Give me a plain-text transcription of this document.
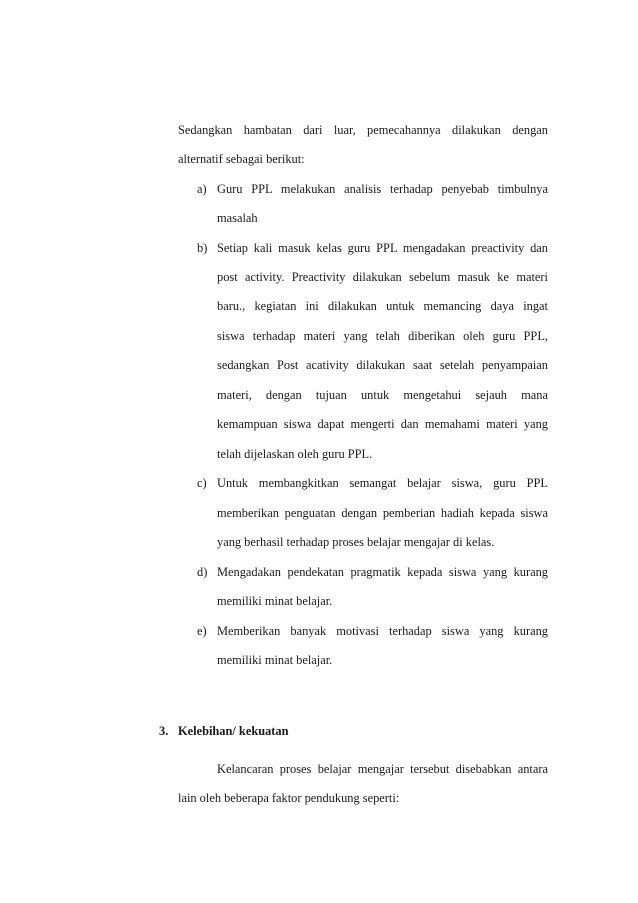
Sedangkan hambatan dari luar, pemecahannya dilakukan dengan
alternatif sebagai berikut:
a) Guru PPL melakukan analisis terhadap penyebab timbulnya
masalah
b) Setiap kali masuk kelas guru PPL mengadakan preactivity dan
post activity. Preactivity dilakukan sebelum masuk ke materi
baru., kegiatan ini dilakukan untuk memancing daya ingat
siswa terhadap materi yang telah diberikan oleh guru PPL,
sedangkan Post acativity dilakukan saat setelah penyampaian
materi, dengan tujuan untuk mengetahui sejauh mana
kemampuan siswa dapat mengerti dan memahami materi yang
telah dijelaskan oleh guru PPL.
c) Untuk membangkitkan semangat belajar siswa, guru PPL
memberikan penguatan dengan pemberian hadiah kepada siswa
yang berhasil terhadap proses belajar mengajar di kelas.
d) Mengadakan pendekatan pragmatik kepada siswa yang kurang
memiliki minat belajar.
e) Memberikan banyak motivasi terhadap siswa yang kurang
memiliki minat belajar.
3. Kelebihan/ kekuatan
Kelancaran proses belajar mengajar tersebut disebabkan antara
lain oleh beberapa faktor pendukung seperti:
